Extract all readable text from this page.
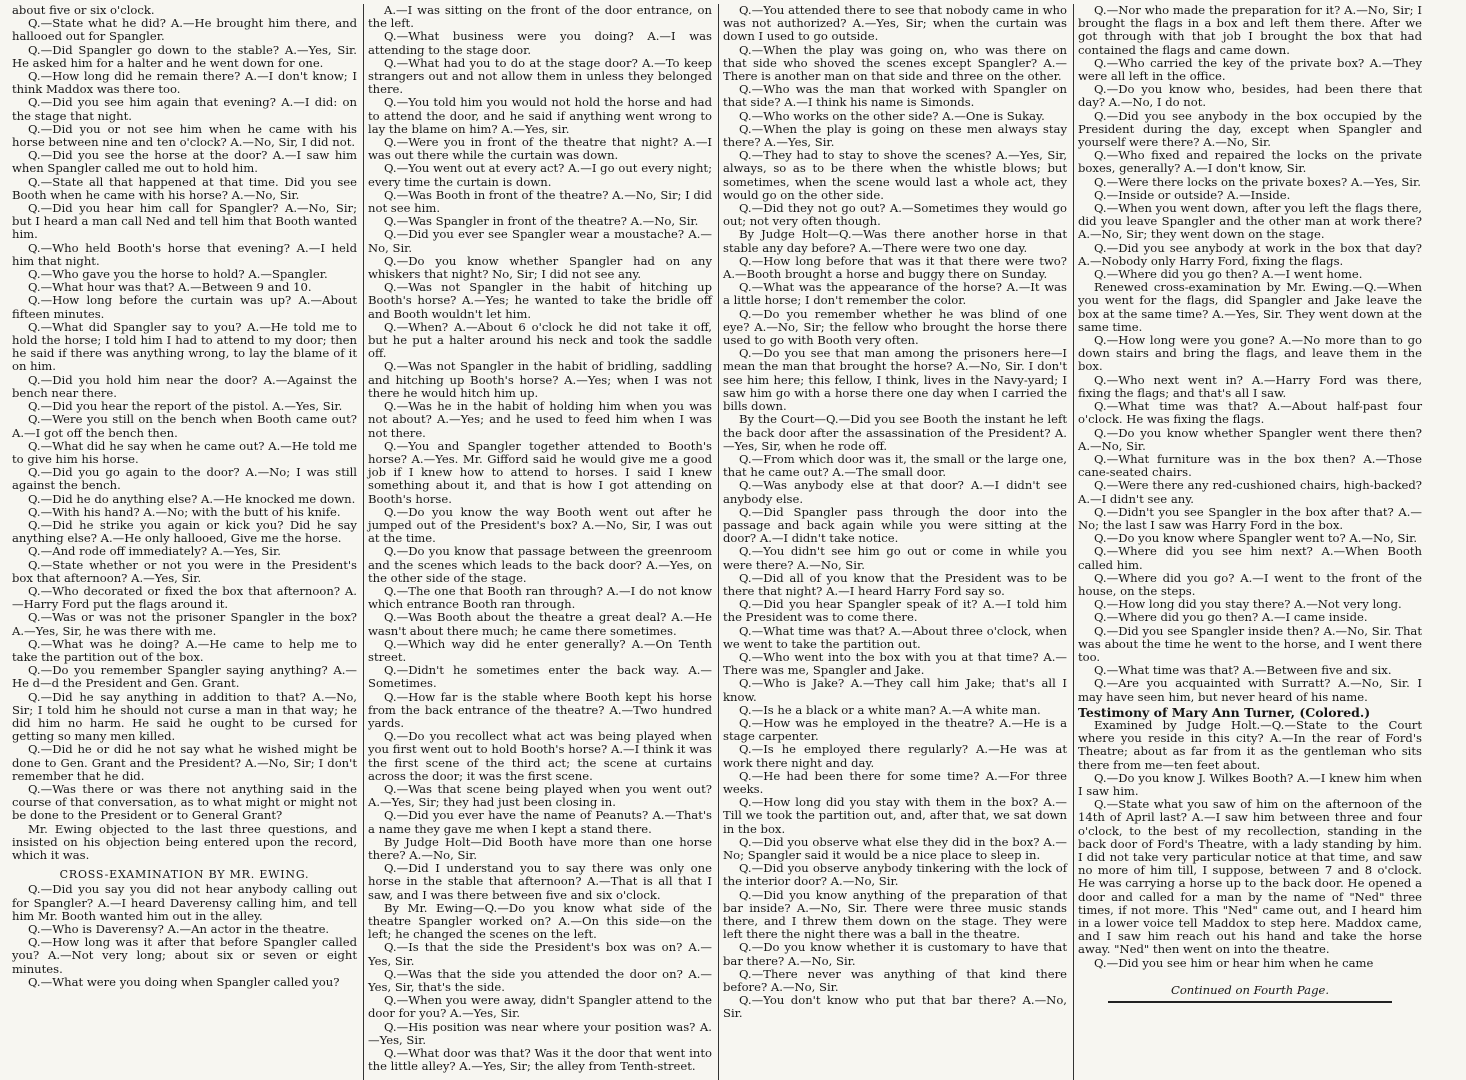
about five or six o'clock.

Q.—State what he did? A.—He brought him there, and hallooed out for Spangler.

Q.—Did Spangler go down to the stable? A.—Yes, Sir. He asked him for a halter and he went down for one.

Q.—How long did he remain there? A.—I don't know; I think Maddox was there too.

Q.—Did you see him again that evening? A.—I did: on the stage that night.

Q.—Did you or not see him when he came with his horse between nine and ten o'clock? A.—No, Sir, I did not.

Q.—Did you see the horse at the door? A.—I saw him when Spangler called me out to hold him.

Q.—State all that happened at that time. Did you see Booth when he came with his horse? A.—No, Sir.

Q.—Did you hear him call for Spangler? A.—No, Sir; but I heard a man call Ned and tell him that Booth wanted him.

Q.—Who held Booth's horse that evening? A.—I held him that night.

Q.—Who gave you the horse to hold? A.—Spangler.

Q.—What hour was that? A.—Between 9 and 10.

Q.—How long before the curtain was up? A.—About fifteen minutes.

Q.—What did Spangler say to you? A.—He told me to hold the horse; I told him I had to attend to my door; then he said if there was anything wrong, to lay the blame of it on him.

Q.—Did you hold him near the door? A.—Against the bench near there.

Q.—Did you hear the report of the pistol. A.—Yes, Sir.

Q.—Were you still on the bench when Booth came out? A.—I got off the bench then.

Q.—What did he say when he came out? A.—He told me to give him his horse.

Q.—Did you go again to the door? A.—No; I was still against the bench.

Q.—Did he do anything else? A.—He knocked me down.

Q.—With his hand? A.—No; with the butt of his knife.

Q.—Did he strike you again or kick you? Did he say anything else? A.—He only hallooed, Give me the horse.

Q.—And rode off immediately? A.—Yes, Sir.

Q.—State whether or not you were in the President's box that afternoon? A.—Yes, Sir.

Q.—Who decorated or fixed the box that afternoon? A.—Harry Ford put the flags around it.

Q.—Was or was not the prisoner Spangler in the box? A.—Yes, Sir, he was there with me.

Q.—What was he doing? A.—He came to help me to take the partition out of the box.

Q.—Do you remember Spangler saying anything? A.—He d—d the President and Gen. Grant.

Q.—Did he say anything in addition to that? A.—No, Sir; I told him he should not curse a man in that way; he did him no harm. He said he ought to be cursed for getting so many men killed.

Q.—Did he or did he not say what he wished might be done to Gen. Grant and the President? A.—No, Sir; I don't remember that he did.

Q.—Was there or was there not anything said in the course of that conversation, as to what might or might not be done to the President or to General Grant?

Mr. Ewing objected to the last three questions, and insisted on his objection being entered upon the record, which it was.

CROSS-EXAMINATION BY MR. EWING.

Q.—Did you say you did not hear anybody calling out for Spangler? A.—I heard Daverensy calling him, and tell him Mr. Booth wanted him out in the alley.

Q.—Who is Daverensy? A.—An actor in the theatre.

Q.—How long was it after that before Spangler called you? A.—Not very long; about six or seven or eight minutes.

Q.—What were you doing when Spangler called you?

A.—I was sitting on the front of the door entrance, on the left.

Q.—What business were you doing? A.—I was attending to the stage door.

Q.—What had you to do at the stage door? A.—To keep strangers out and not allow them in unless they belonged there.

Q.—You told him you would not hold the horse and had to attend the door, and he said if anything went wrong to lay the blame on him? A.—Yes, sir.

Q.—Were you in front of the theatre that night? A.—I was out there while the curtain was down.

Q.—You went out at every act? A.—I go out every night; every time the curtain is down.

Q.—Was Booth in front of the theatre? A.—No, Sir; I did not see him.

Q.—Was Spangler in front of the theatre? A.—No, Sir.

Q.—Did you ever see Spangler wear a moustache? A.—No, Sir.

Q.—Do you know whether Spangler had on any whiskers that night? No, Sir; I did not see any.

Q.—Was not Spangler in the habit of hitching up Booth's horse? A.—Yes; he wanted to take the bridle off and Booth wouldn't let him.

Q.—When? A.—About 6 o'clock he did not take it off, but he put a halter around his neck and took the saddle off.

Q.—Was not Spangler in the habit of bridling, saddling and hitching up Booth's horse? A.—Yes; when I was not there he would hitch him up.

Q.—Was he in the habit of holding him when you was not about? A.—Yes; and he used to feed him when I was not there.

Q.—You and Spangler together attended to Booth's horse? A.—Yes. Mr. Gifford said he would give me a good job if I knew how to attend to horses. I said I knew something about it, and that is how I got attending on Booth's horse.

Q.—Do you know the way Booth went out after he jumped out of the President's box? A.—No, Sir, I was out at the time.

Q.—Do you know that passage between the greenroom and the scenes which leads to the back door? A.—Yes, on the other side of the stage.

Q.—The one that Booth ran through? A.—I do not know which entrance Booth ran through.

Q.—Was Booth about the theatre a great deal? A.—He wasn't about there much; he came there sometimes.

Q.—Which way did he enter generally? A.—On Tenth street.

Q.—Didn't he sometimes enter the back way. A.—Sometimes.

Q.—How far is the stable where Booth kept his horse from the back entrance of the theatre? A.—Two hundred yards.

Q.—Do you recollect what act was being played when you first went out to hold Booth's horse? A.—I think it was the first scene of the third act; the scene at curtains across the door; it was the first scene.

Q.—Was that scene being played when you went out? A.—Yes, Sir; they had just been closing in.

Q.—Did you ever have the name of Peanuts? A.—That's a name they gave me when I kept a stand there.

By Judge Holt—Did Booth have more than one horse there? A.—No, Sir.

Q.—Did I understand you to say there was only one horse in the stable that afternoon? A.—That is all that I saw, and I was there between five and six o'clock.

By Mr. Ewing—Q.—Do you know what side of the theatre Spangler worked on? A.—On this side—on the left; he changed the scenes on the left.

Q.—Is that the side the President's box was on? A.—Yes, Sir.

Q.—Was that the side you attended the door on? A.—Yes, Sir, that's the side.

Q.—When you were away, didn't Spangler attend to the door for you? A.—Yes, Sir.

Q.—His position was near where your position was? A.—Yes, Sir.

Q.—What door was that? Was it the door that went into the little alley? A.—Yes, Sir; the alley from Tenth-street.

Q.—You attended there to see that nobody came in who was not authorized? A.—Yes, Sir; when the curtain was down I used to go outside.

Q.—When the play was going on, who was there on that side who shoved the scenes except Spangler? A.—There is another man on that side and three on the other.

Q.—Who was the man that worked with Spangler on that side? A.—I think his name is Simonds.

Q.—Who works on the other side? A.—One is Sukay.

Q.—When the play is going on these men always stay there? A.—Yes, Sir.

Q.—They had to stay to shove the scenes? A.—Yes, Sir, always, so as to be there when the whistle blows; but sometimes, when the scene would last a whole act, they would go on the other side.

Q.—Did they not go out? A.—Sometimes they would go out; not very often though.

By Judge Holt—Q.—Was there another horse in that stable any day before? A.—There were two one day.

Q.—How long before that was it that there were two? A.—Booth brought a horse and buggy there on Sunday.

Q.—What was the appearance of the horse? A.—It was a little horse; I don't remember the color.

Q.—Do you remember whether he was blind of one eye? A.—No, Sir; the fellow who brought the horse there used to go with Booth very often.

Q.—Do you see that man among the prisoners here—I mean the man that brought the horse? A.—No, Sir. I don't see him here; this fellow, I think, lives in the Navy-yard; I saw him go with a horse there one day when I carried the bills down.

By the Court—Q.—Did you see Booth the instant he left the back door after the assassination of the President? A.—Yes, Sir, when he rode off.

Q.—From which door was it, the small or the large one, that he came out? A.—The small door.

Q.—Was anybody else at that door? A.—I didn't see anybody else.

Q.—Did Spangler pass through the door into the passage and back again while you were sitting at the door? A.—I didn't take notice.

Q.—You didn't see him go out or come in while you were there? A.—No, Sir.

Q.—Did all of you know that the President was to be there that night? A.—I heard Harry Ford say so.

Q.—Did you hear Spangler speak of it? A.—I told him the President was to come there.

Q.—What time was that? A.—About three o'clock, when we went to take the partition out.

Q.—Who went into the box with you at that time? A.—There was me, Spangler and Jake.

Q.—Who is Jake? A.—They call him Jake; that's all I know.

Q.—Is he a black or a white man? A.—A white man.

Q.—How was he employed in the theatre? A.—He is a stage carpenter.

Q.—Is he employed there regularly? A.—He was at work there night and day.

Q.—He had been there for some time? A.—For three weeks.

Q.—How long did you stay with them in the box? A.—Till we took the partition out, and, after that, we sat down in the box.

Q.—Did you observe what else they did in the box? A.—No; Spangler said it would be a nice place to sleep in.

Q.—Did you observe anybody tinkering with the lock of the interior door? A.—No, Sir.

Q.—Did you know anything of the preparation of that bar inside? A.—No, Sir. There were three music stands there, and I threw them down on the stage. They were left there the night there was a ball in the theatre.

Q.—Do you know whether it is customary to have that bar there? A.—No, Sir.

Q.—There never was anything of that kind there before? A.—No, Sir.

Q.—You don't know who put that bar there? A.—No, Sir.

Q.—Nor who made the preparation for it? A.—No, Sir; I brought the flags in a box and left them there. After we got through with that job I brought the box that had contained the flags and came down.

Q.—Who carried the key of the private box? A.—They were all left in the office.

Q.—Do you know who, besides, had been there that day? A.—No, I do not.

Q.—Did you see anybody in the box occupied by the President during the day, except when Spangler and yourself were there? A.—No, Sir.

Q.—Who fixed and repaired the locks on the private boxes, generally? A.—I don't know, Sir.

Q.—Were there locks on the private boxes? A.—Yes, Sir.

Q.—Inside or outside? A.—Inside.

Q.—When you went down, after you left the flags there, did you leave Spangler and the other man at work there? A.—No, Sir; they went down on the stage.

Q.—Did you see anybody at work in the box that day? A.—Nobody only Harry Ford, fixing the flags.

Q.—Where did you go then? A.—I went home.

Renewed cross-examination by Mr. Ewing.—Q.—When you went for the flags, did Spangler and Jake leave the box at the same time? A.—Yes, Sir. They went down at the same time.

Q.—How long were you gone? A.—No more than to go down stairs and bring the flags, and leave them in the box.

Q.—Who next went in? A.—Harry Ford was there, fixing the flags; and that's all I saw.

Q.—What time was that? A.—About half-past four o'clock. He was fixing the flags.

Q.—Do you know whether Spangler went there then? A.—No, Sir.

Q.—What furniture was in the box then? A.—Those cane-seated chairs.

Q.—Were there any red-cushioned chairs, high-backed? A.—I didn't see any.

Q.—Didn't you see Spangler in the box after that? A.—No; the last I saw was Harry Ford in the box.

Q.—Do you know where Spangler went to? A.—No, Sir.

Q.—Where did you see him next? A.—When Booth called him.

Q.—Where did you go? A.—I went to the front of the house, on the steps.

Q.—How long did you stay there? A.—Not very long.

Q.—Where did you go then? A.—I came inside.

Q.—Did you see Spangler inside then? A.—No, Sir. That was about the time he went to the horse, and I went there too.

Q.—What time was that? A.—Between five and six.

Q.—Are you acquainted with Surratt? A.—No, Sir. I may have seen him, but never heard of his name.

Testimony of Mary Ann Turner, (Colored.)

Examined by Judge Holt.—Q.—State to the Court where you reside in this city? A.—In the rear of Ford's Theatre; about as far from it as the gentleman who sits there from me—ten feet about.

Q.—Do you know J. Wilkes Booth? A.—I knew him when I saw him.

Q.—State what you saw of him on the afternoon of the 14th of April last? A.—I saw him between three and four o'clock, to the best of my recollection, standing in the back door of Ford's Theatre, with a lady standing by him. I did not take very particular notice at that time, and saw no more of him till, I suppose, between 7 and 8 o'clock. He was carrying a horse up to the back door. He opened a door and called for a man by the name of "Ned" three times, if not more. This "Ned" came out, and I heard him in a lower voice tell Maddox to step here. Maddox came, and I saw him reach out his hand and take the horse away. "Ned" then went on into the theatre.

Q.—Did you see him or hear him when he came

Continued on Fourth Page.
